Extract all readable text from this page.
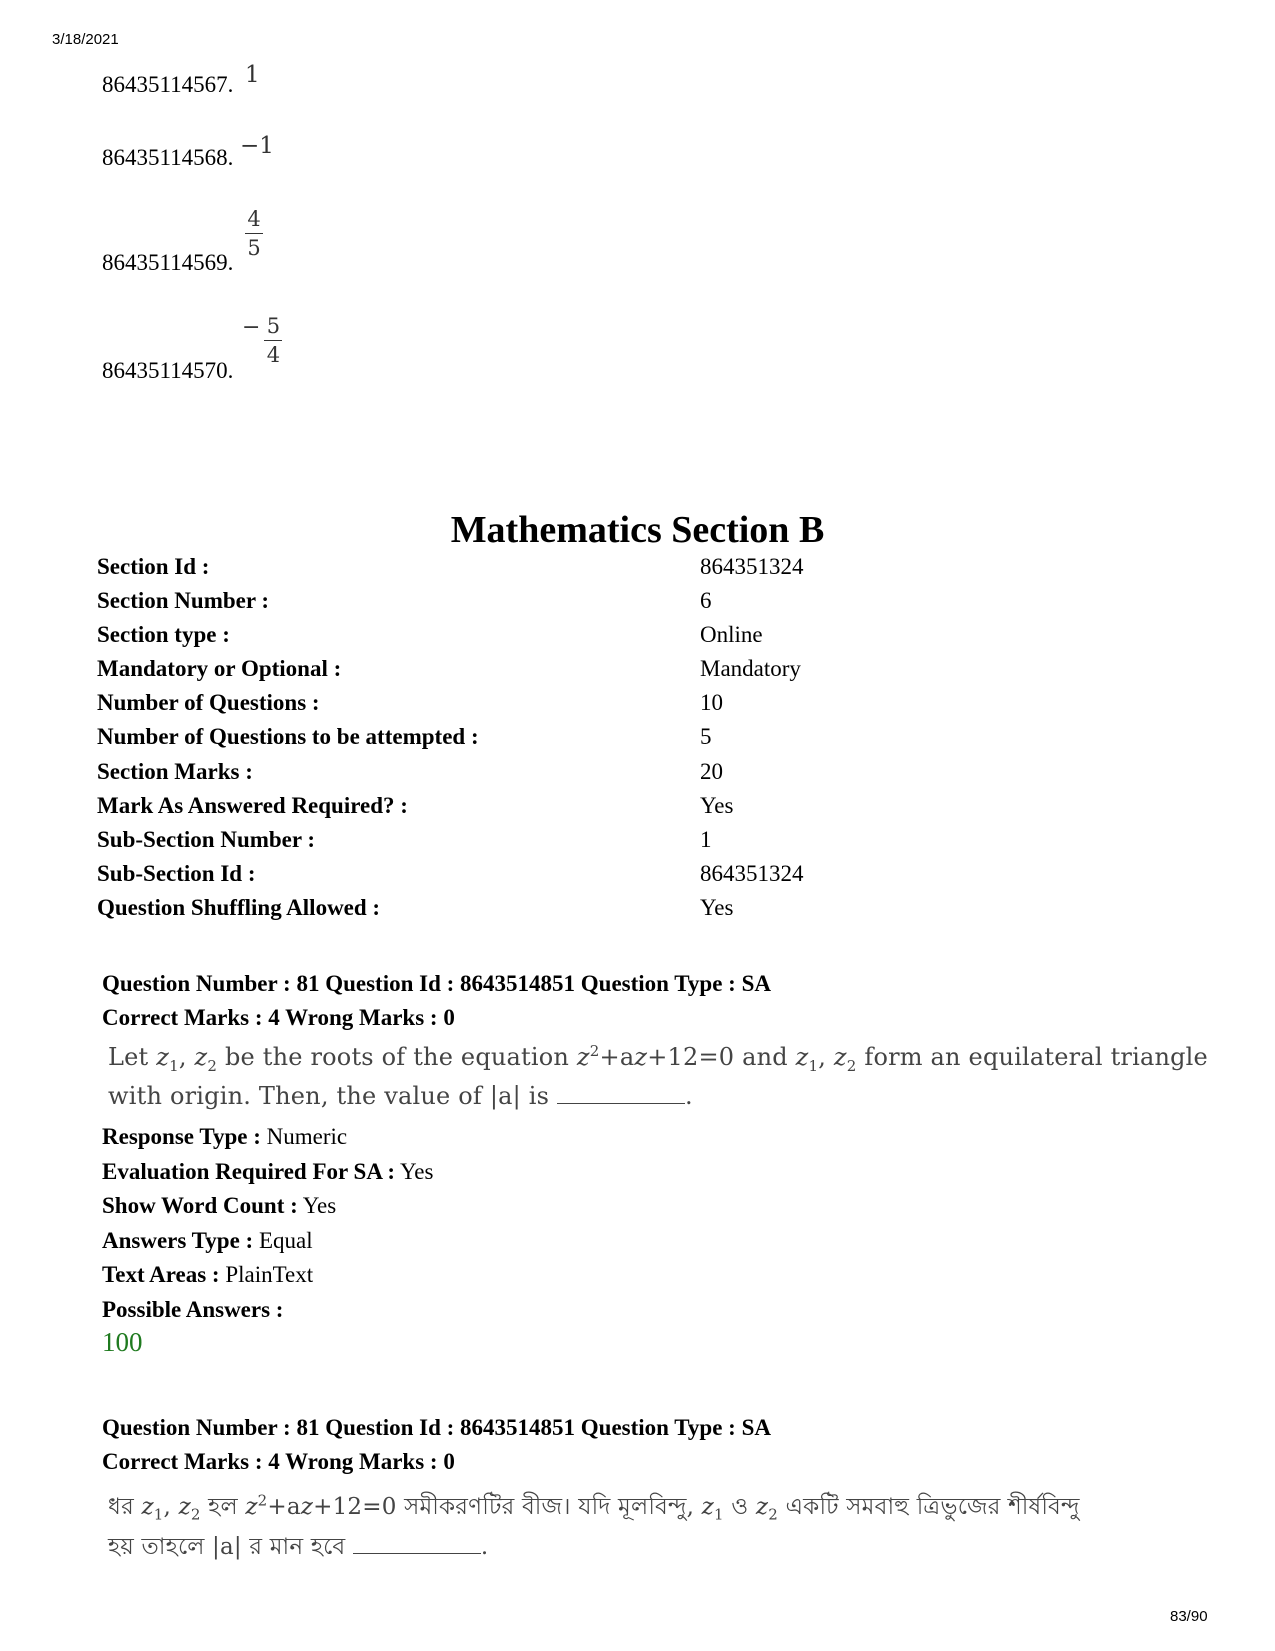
3/18/2021
86435114567. 1
86435114568. −1
86435114569.
$\frac{4}{5}$
86435114570.
− $\frac{5}{4}$
Mathematics Section B
Section Id :	864351324
Section Number :	6
Section type :	Online
Mandatory or Optional :	Mandatory
Number of Questions :	10
Number of Questions to be attempted :	5
Section Marks :	20
Mark As Answered Required? :	Yes
Sub-Section Number :	1
Sub-Section Id :	864351324
Question Shuffling Allowed :	Yes
Question Number : 81 Question Id : 8643514851 Question Type : SA
Correct Marks : 4 Wrong Marks : 0
Let $z_1$, $z_2$ be the roots of the equation $z^2+az+12=0$ and $z_1$, $z_2$ form an equilateral triangle
with origin. Then, the value of |a| is	.
Response Type : Numeric
Evaluation Required For SA : Yes
Show Word Count : Yes
Answers Type : Equal
Text Areas : PlainText
Possible Answers :
100
Question Number : 81 Question Id : 8643514851 Question Type : SA
Correct Marks : 4 Wrong Marks : 0
ধর $z_1$, $z_2$ হল $z^2+az+12=0$ সমীকরণটির বীজ। যদি মূলবিন্দু, $z_1$ ও $z_2$ একটি সমবাহু ত্রিভুজের শীর্ষবিন্দু
হয় তাহলে |a| র মান হবে	.
83/90
